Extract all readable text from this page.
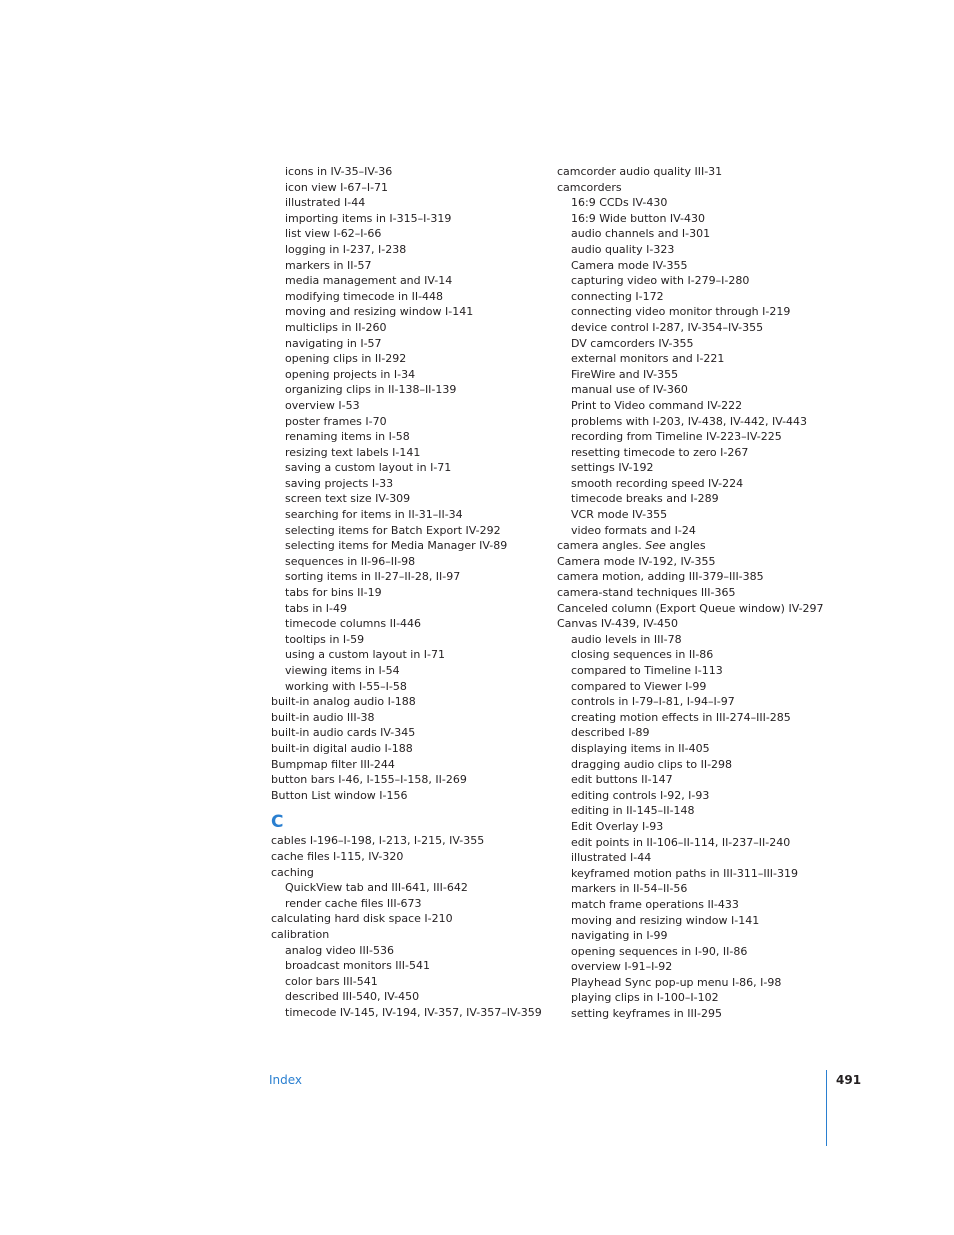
icons in IV-35–IV-36
icon view I-67–I-71
illustrated I-44
importing items in I-315–I-319
list view I-62–I-66
logging in I-237, I-238
markers in II-57
media management and IV-14
modifying timecode in II-448
moving and resizing window I-141
multiclips in II-260
navigating in I-57
opening clips in II-292
opening projects in I-34
organizing clips in II-138–II-139
overview I-53
poster frames I-70
renaming items in I-58
resizing text labels I-141
saving a custom layout in I-71
saving projects I-33
screen text size IV-309
searching for items in II-31–II-34
selecting items for Batch Export IV-292
selecting items for Media Manager IV-89
sequences in II-96–II-98
sorting items in II-27–II-28, II-97
tabs for bins II-19
tabs in I-49
timecode columns II-446
tooltips in I-59
using a custom layout in I-71
viewing items in I-54
working with I-55–I-58
built-in analog audio I-188
built-in audio III-38
built-in audio cards IV-345
built-in digital audio I-188
Bumpmap filter III-244
button bars I-46, I-155–I-158, II-269
Button List window I-156
C
cables I-196–I-198, I-213, I-215, IV-355
cache files I-115, IV-320
caching
QuickView tab and III-641, III-642
render cache files III-673
calculating hard disk space I-210
calibration
analog video III-536
broadcast monitors III-541
color bars III-541
described III-540, IV-450
timecode IV-145, IV-194, IV-357, IV-357–IV-359
camcorder audio quality III-31
camcorders
16:9 CCDs IV-430
16:9 Wide button IV-430
audio channels and I-301
audio quality I-323
Camera mode IV-355
capturing video with I-279–I-280
connecting I-172
connecting video monitor through I-219
device control I-287, IV-354–IV-355
DV camcorders IV-355
external monitors and I-221
FireWire and IV-355
manual use of IV-360
Print to Video command IV-222
problems with I-203, IV-438, IV-442, IV-443
recording from Timeline IV-223–IV-225
resetting timecode to zero I-267
settings IV-192
smooth recording speed IV-224
timecode breaks and I-289
VCR mode IV-355
video formats and I-24
camera angles. See angles
Camera mode IV-192, IV-355
camera motion, adding III-379–III-385
camera-stand techniques III-365
Canceled column (Export Queue window) IV-297
Canvas IV-439, IV-450
audio levels in III-78
closing sequences in II-86
compared to Timeline I-113
compared to Viewer I-99
controls in I-79–I-81, I-94–I-97
creating motion effects in III-274–III-285
described I-89
displaying items in II-405
dragging audio clips to II-298
edit buttons II-147
editing controls I-92, I-93
editing in II-145–II-148
Edit Overlay I-93
edit points in II-106–II-114, II-237–II-240
illustrated I-44
keyframed motion paths in III-311–III-319
markers in II-54–II-56
match frame operations II-433
moving and resizing window I-141
navigating in I-99
opening sequences in I-90, II-86
overview I-91–I-92
Playhead Sync pop-up menu I-86, I-98
playing clips in I-100–I-102
setting keyframes in III-295
Index	491
